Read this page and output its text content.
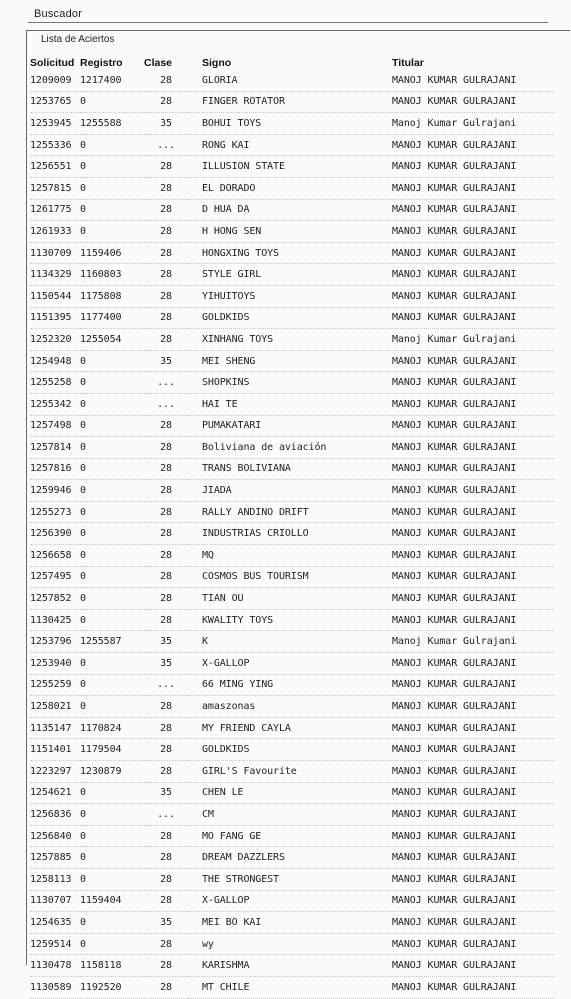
Buscador
Lista de Aciertos
Solicitud	Registro	Clase	Signo	Titular
1209009	1217400	28	GLORIA	MANOJ KUMAR GULRAJANI
1253765	0	28	FINGER ROTATOR	MANOJ KUMAR GULRAJANI
1253945	1255588	35	BOHUI TOYS	Manoj Kumar Gulrajani
1255336	0	...	RONG KAI	MANOJ KUMAR GULRAJANI
1256551	0	28	ILLUSION STATE	MANOJ KUMAR GULRAJANI
1257815	0	28	EL DORADO	MANOJ KUMAR GULRAJANI
1261775	0	28	D HUA DA	MANOJ KUMAR GULRAJANI
1261933	0	28	H HONG SEN	MANOJ KUMAR GULRAJANI
1130709	1159406	28	HONGXING TOYS	MANOJ KUMAR GULRAJANI
1134329	1160803	28	STYLE GIRL	MANOJ KUMAR GULRAJANI
1150544	1175808	28	YIHUITOYS	MANOJ KUMAR GULRAJANI
1151395	1177400	28	GOLDKIDS	MANOJ KUMAR GULRAJANI
1252320	1255054	28	XINHANG TOYS	Manoj Kumar Gulrajani
1254948	0	35	MEI SHENG	MANOJ KUMAR GULRAJANI
1255258	0	...	SHOPKINS	MANOJ KUMAR GULRAJANI
1255342	0	...	HAI TE	MANOJ KUMAR GULRAJANI
1257498	0	28	PUMAKATARI	MANOJ KUMAR GULRAJANI
1257814	0	28	Boliviana de aviación	MANOJ KUMAR GULRAJANI
1257816	0	28	TRANS BOLIVIANA	MANOJ KUMAR GULRAJANI
1259946	0	28	JIADA	MANOJ KUMAR GULRAJANI
1255273	0	28	RALLY ANDINO DRIFT	MANOJ KUMAR GULRAJANI
1256390	0	28	INDUSTRIAS CRIOLLO	MANOJ KUMAR GULRAJANI
1256658	0	28	MQ	MANOJ KUMAR GULRAJANI
1257495	0	28	COSMOS BUS TOURISM	MANOJ KUMAR GULRAJANI
1257852	0	28	TIAN OU	MANOJ KUMAR GULRAJANI
1130425	0	28	KWALITY TOYS	MANOJ KUMAR GULRAJANI
1253796	1255587	35	K	Manoj Kumar Gulrajani
1253940	0	35	X-GALLOP	MANOJ KUMAR GULRAJANI
1255259	0	...	66 MING YING	MANOJ KUMAR GULRAJANI
1258021	0	28	amaszonas	MANOJ KUMAR GULRAJANI
1135147	1170824	28	MY FRIEND CAYLA	MANOJ KUMAR GULRAJANI
1151401	1179504	28	GOLDKIDS	MANOJ KUMAR GULRAJANI
1223297	1230879	28	GIRL'S Favourite	MANOJ KUMAR GULRAJANI
1254621	0	35	CHEN LE	MANOJ KUMAR GULRAJANI
1256836	0	...	CM	MANOJ KUMAR GULRAJANI
1256840	0	28	MO FANG GE	MANOJ KUMAR GULRAJANI
1257885	0	28	DREAM DAZZLERS	MANOJ KUMAR GULRAJANI
1258113	0	28	THE STRONGEST	MANOJ KUMAR GULRAJANI
1130707	1159404	28	X-GALLOP	MANOJ KUMAR GULRAJANI
1254635	0	35	MEI BO KAI	MANOJ KUMAR GULRAJANI
1259514	0	28	wy	MANOJ KUMAR GULRAJANI
1130478	1158118	28	KARISHMA	MANOJ KUMAR GULRAJANI
1130589	1192520	28	MT CHILE	MANOJ KUMAR GULRAJANI
